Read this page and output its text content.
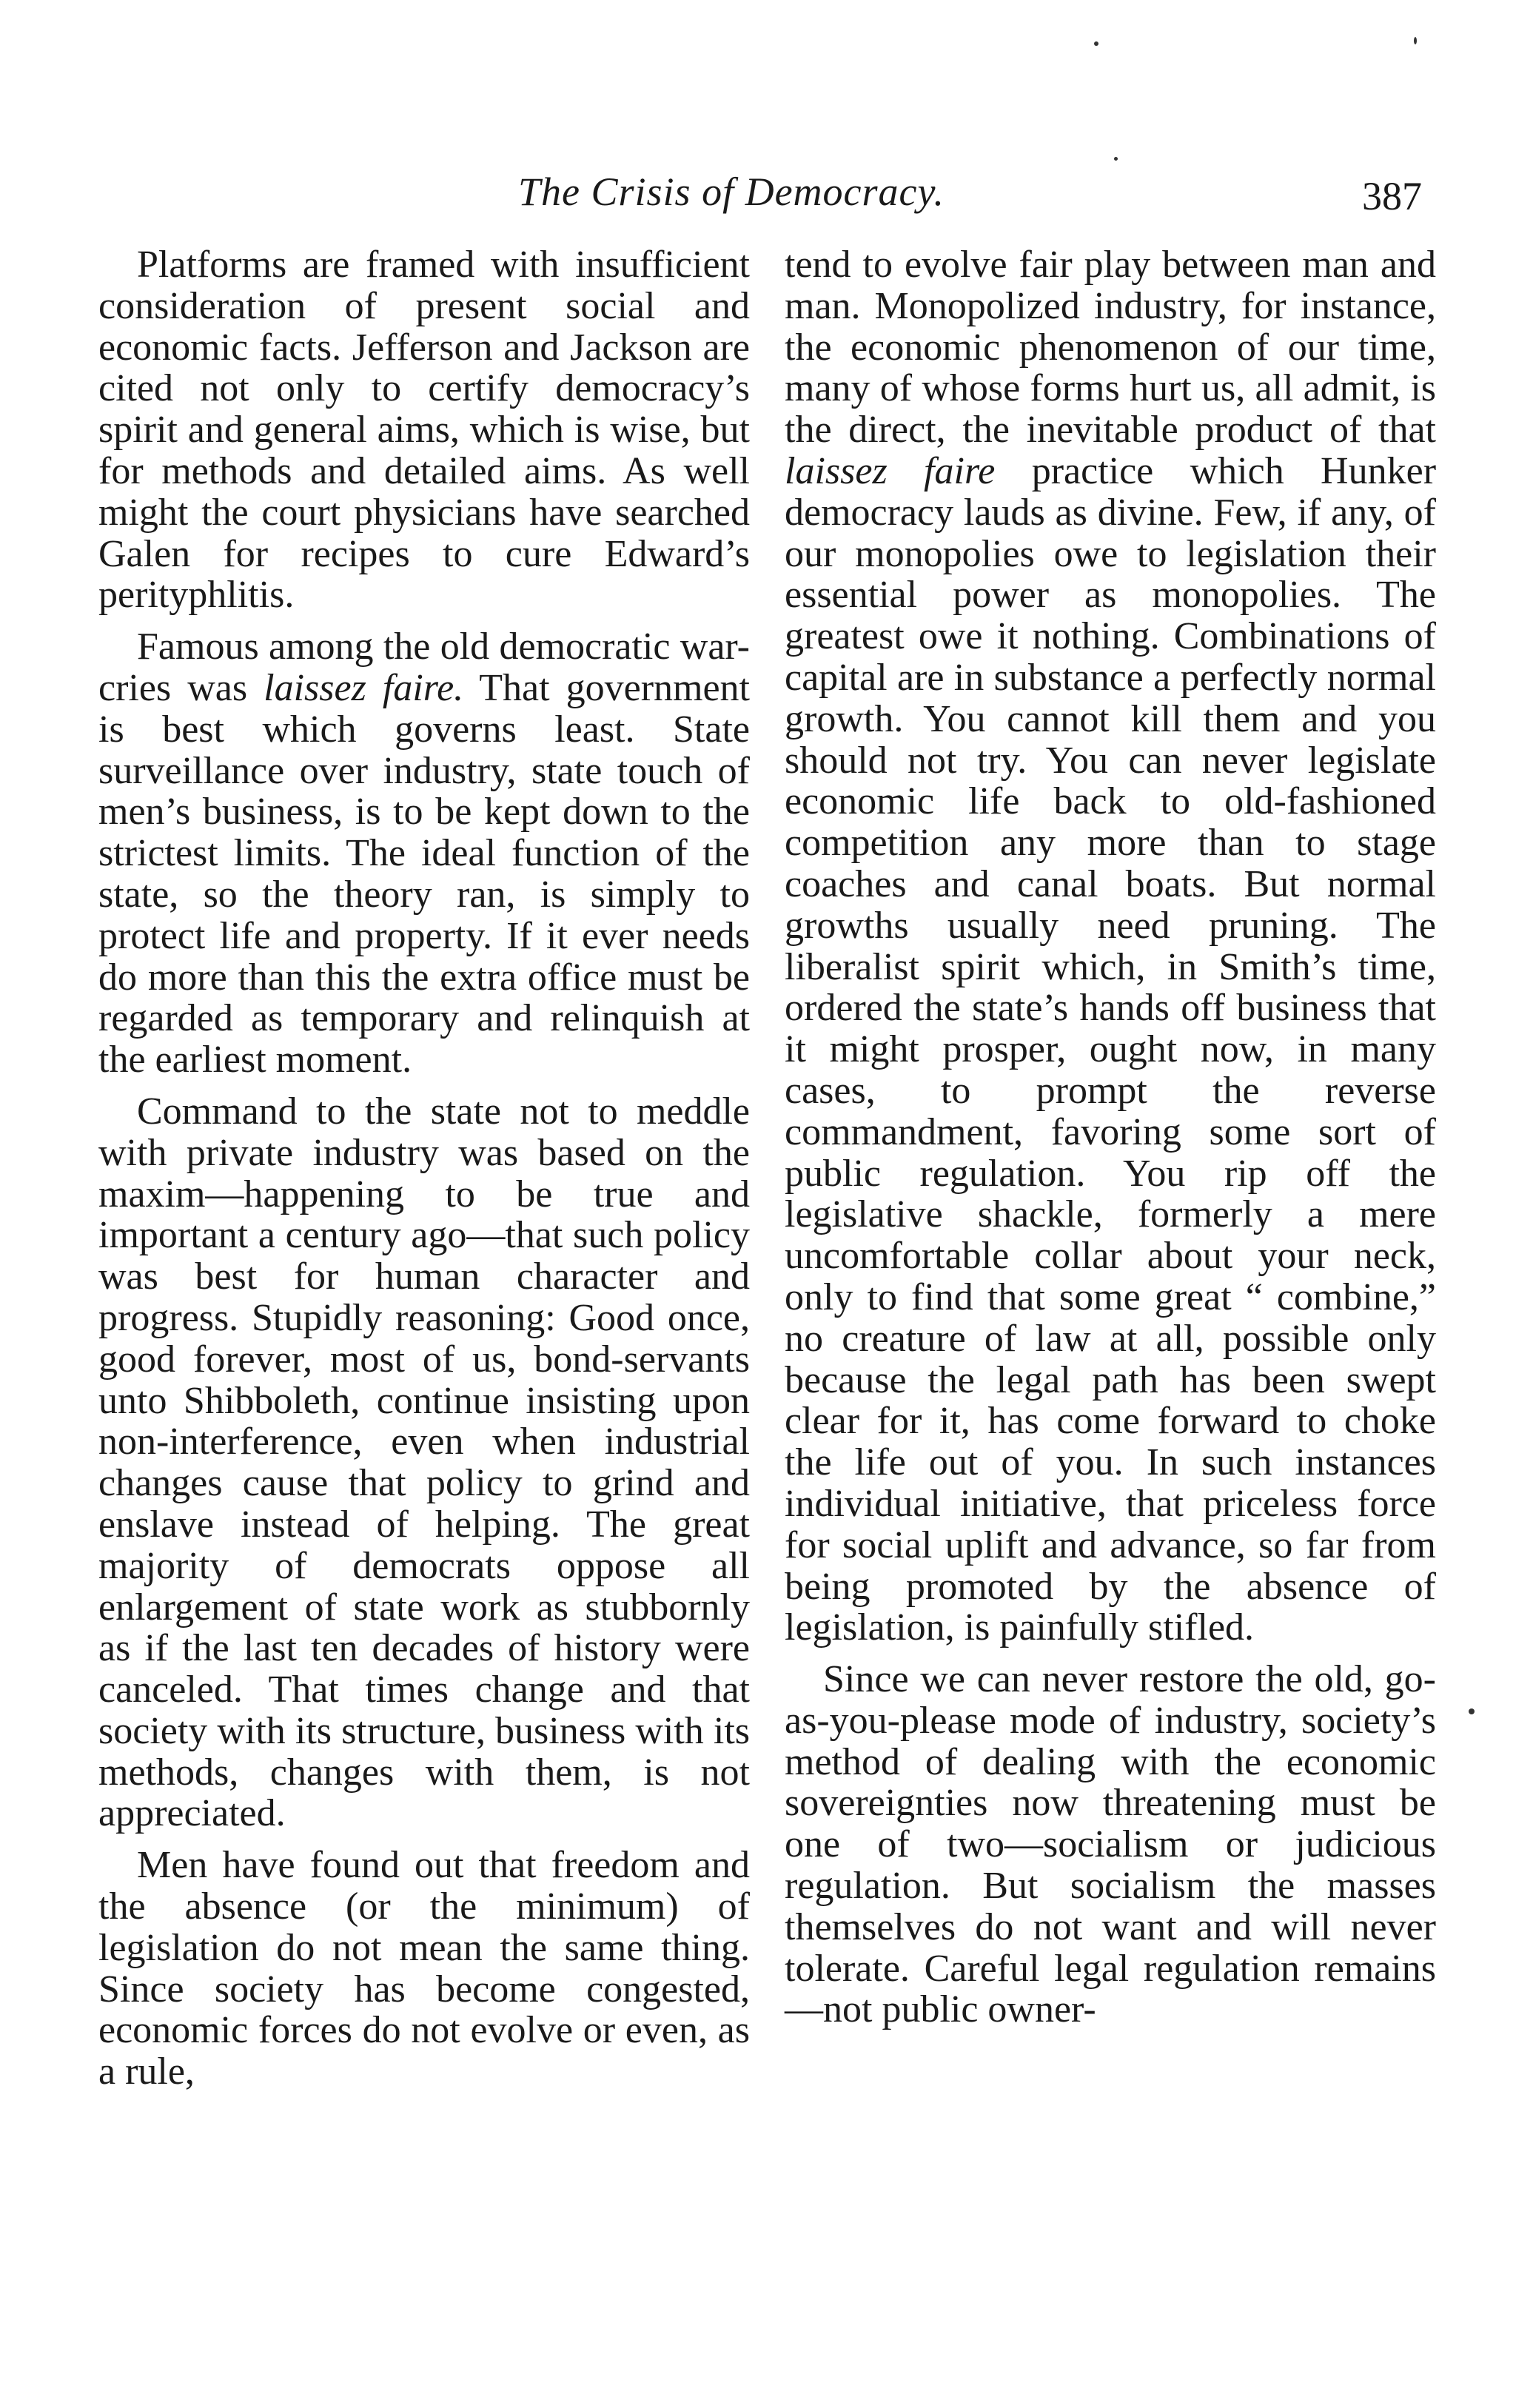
The Crisis of Democracy.	387

Platforms are framed with insufficient consideration of present social and economic facts. Jefferson and Jackson are cited not only to certify democracy’s spirit and general aims, which is wise, but for methods and detailed aims. As well might the court physicians have searched Galen for recipes to cure Edward’s perityphlitis.

Famous among the old democratic war-cries was laissez faire. That government is best which governs least. State surveillance over industry, state touch of men’s business, is to be kept down to the strictest limits. The ideal function of the state, so the theory ran, is simply to protect life and property. If it ever needs do more than this the extra office must be regarded as temporary and relinquish at the earliest moment.

Command to the state not to meddle with private industry was based on the maxim—happening to be true and important a century ago—that such policy was best for human character and progress. Stupidly reasoning: Good once, good forever, most of us, bond-servants unto Shibboleth, continue insisting upon non-interference, even when industrial changes cause that policy to grind and enslave instead of helping. The great majority of democrats oppose all enlargement of state work as stubbornly as if the last ten decades of history were canceled. That times change and that society with its structure, business with its methods, changes with them, is not appreciated.

Men have found out that freedom and the absence (or the minimum) of legislation do not mean the same thing. Since society has become congested, economic forces do not evolve or even, as a rule,

tend to evolve fair play between man and man. Monopolized industry, for instance, the economic phenomenon of our time, many of whose forms hurt us, all admit, is the direct, the inevitable product of that laissez faire practice which Hunker democracy lauds as divine. Few, if any, of our monopolies owe to legislation their essential power as monopolies. The greatest owe it nothing. Combinations of capital are in substance a perfectly normal growth. You cannot kill them and you should not try. You can never legislate economic life back to old-fashioned competition any more than to stage coaches and canal boats. But normal growths usually need pruning. The liberalist spirit which, in Smith’s time, ordered the state’s hands off business that it might prosper, ought now, in many cases, to prompt the reverse commandment, favoring some sort of public regulation. You rip off the legislative shackle, formerly a mere uncomfortable collar about your neck, only to find that some great “ combine,” no creature of law at all, possible only because the legal path has been swept clear for it, has come forward to choke the life out of you. In such instances individual initiative, that priceless force for social uplift and advance, so far from being promoted by the absence of legislation, is painfully stifled.

Since we can never restore the old, go-as-you-please mode of industry, society’s method of dealing with the economic sovereignties now threatening must be one of two—socialism or judicious regulation. But socialism the masses themselves do not want and will never tolerate. Careful legal regulation remains—not public owner-
